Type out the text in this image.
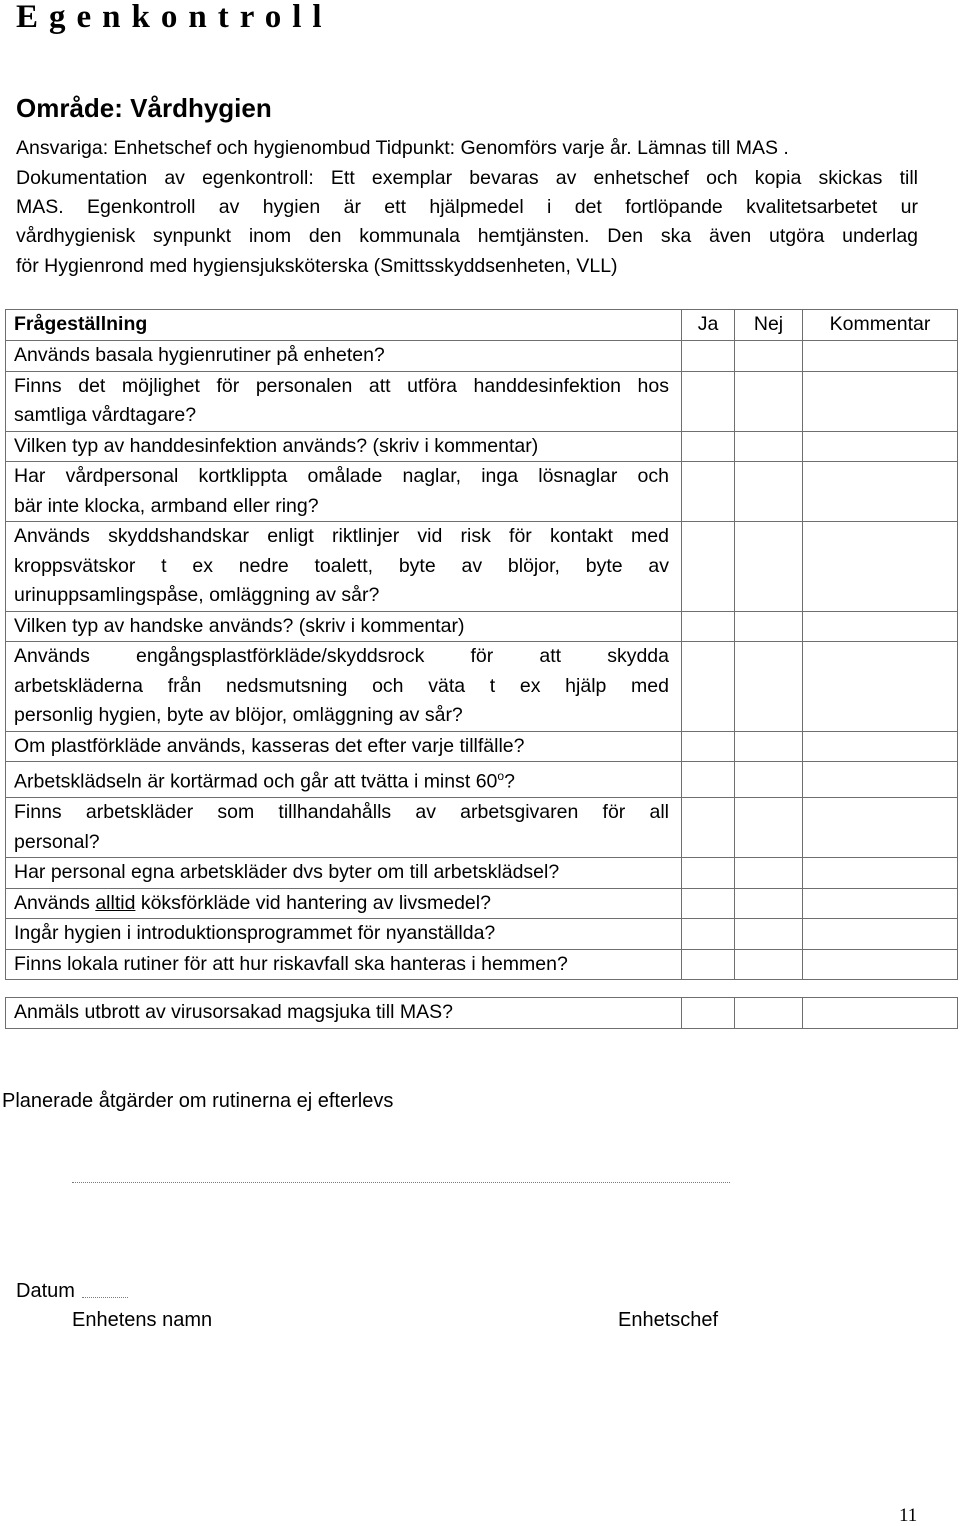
Egenkontroll
Område: Vårdhygien
Ansvariga: Enhetschef och hygienombud Tidpunkt: Genomförs varje år. Lämnas till MAS .
Dokumentation av egenkontroll: Ett exemplar bevaras av enhetschef och kopia skickas till
MAS. Egenkontroll av hygien är ett hjälpmedel i det fortlöpande kvalitetsarbetet ur
vårdhygienisk synpunkt inom den kommunala hemtjänsten. Den ska även utgöra underlag
för Hygienrond med hygiensjuksköterska (Smittsskyddsenheten, VLL)
Frågeställning	Ja	Nej	Kommentar

Används basala hygienrutiner på enheten?			

Finns det möjlighet för personalen att utföra handdesinfektion hos
samtliga vårdtagare?			

Vilken typ av handdesinfektion används? (skriv i kommentar)			

Har vårdpersonal kortklippta omålade naglar, inga lösnaglar och
bär inte klocka, armband eller ring?			

Används skyddshandskar enligt riktlinjer vid risk för kontakt med
kroppsvätskor t ex nedre toalett, byte av blöjor, byte av
urinuppsamlingspåse, omläggning av sår?			

Vilken typ av handske används? (skriv i kommentar)			

Används engångsplastförkläde/skyddsrock för att skydda
arbetskläderna från nedsmutsning och väta t ex hjälp med
personlig hygien, byte av blöjor, omläggning av sår?			

Om plastförkläde används, kasseras det efter varje tillfälle?			

Arbetsklädseln är kortärmad och går att tvätta i minst 60$^o$?			

Finns arbetskläder som tillhandahålls av arbetsgivaren för all
personal?			

Har personal egna arbetskläder dvs byter om till arbetsklädsel?			

Används alltid köksförkläde vid hantering av livsmedel?			

Ingår hygien i introduktionsprogrammet för nyanställda?			

Finns lokala rutiner för att hur riskavfall ska hanteras i hemmen?			

Anmäls utbrott av virusorsakad magsjuka till MAS?			
Planerade åtgärder om rutinerna ej efterlevs
Datum
Enhetens namn	Enhetschef
11
